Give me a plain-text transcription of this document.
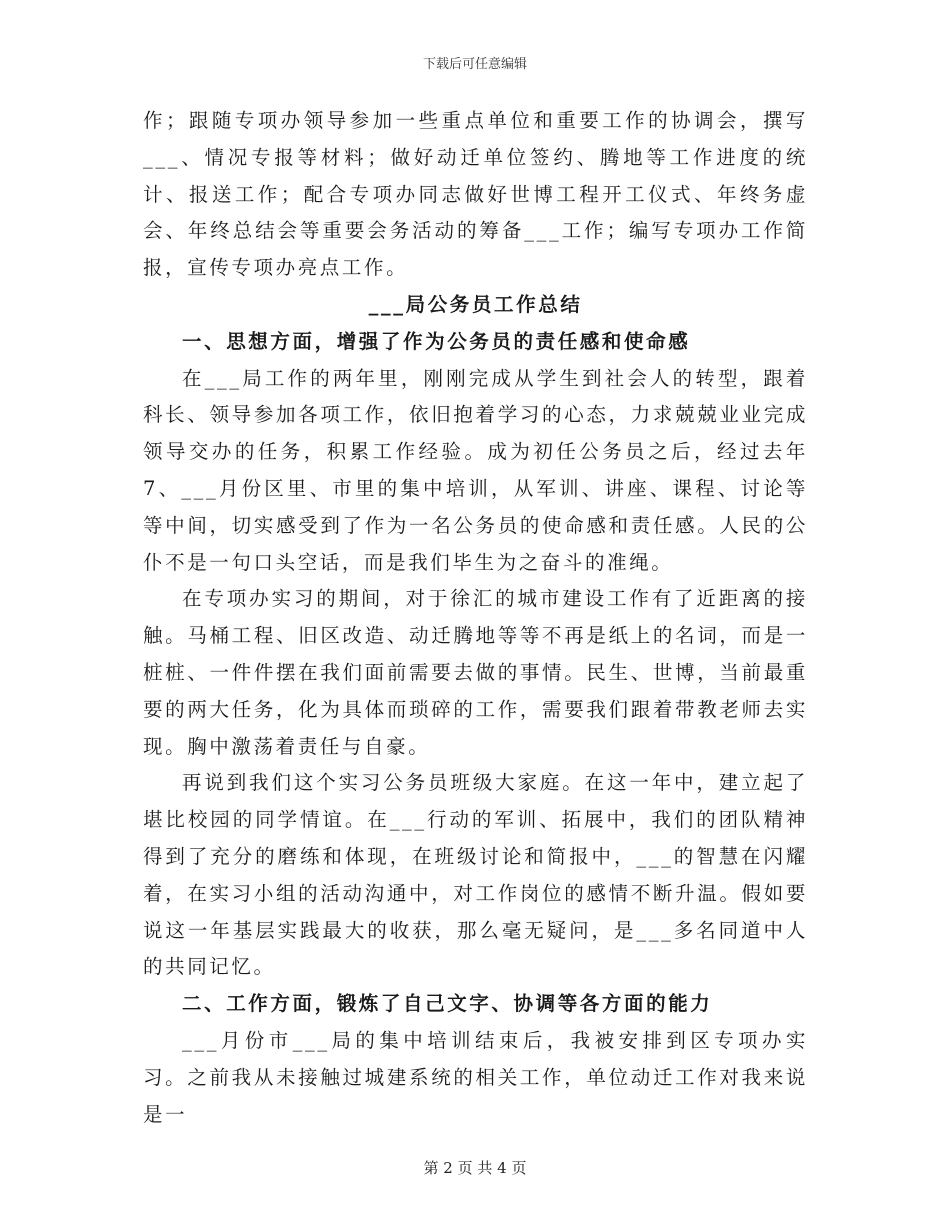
下载后可任意编辑

作；跟随专项办领导参加一些重点单位和重要工作的协调会，撰写___、情况专报等材料；做好动迁单位签约、腾地等工作进度的统计、报送工作；配合专项办同志做好世博工程开工仪式、年终务虚会、年终总结会等重要会务活动的筹备___工作；编写专项办工作简报，宣传专项办亮点工作。

___局公务员工作总结

一、思想方面，增强了作为公务员的责任感和使命感

在___局工作的两年里，刚刚完成从学生到社会人的转型，跟着科长、领导参加各项工作，依旧抱着学习的心态，力求兢兢业业完成领导交办的任务，积累工作经验。成为初任公务员之后，经过去年7、___月份区里、市里的集中培训，从军训、讲座、课程、讨论等等中间，切实感受到了作为一名公务员的使命感和责任感。人民的公仆不是一句口头空话，而是我们毕生为之奋斗的准绳。

在专项办实习的期间，对于徐汇的城市建设工作有了近距离的接触。马桶工程、旧区改造、动迁腾地等等不再是纸上的名词，而是一桩桩、一件件摆在我们面前需要去做的事情。民生、世博，当前最重要的两大任务，化为具体而琐碎的工作，需要我们跟着带教老师去实现。胸中激荡着责任与自豪。

再说到我们这个实习公务员班级大家庭。在这一年中，建立起了堪比校园的同学情谊。在___行动的军训、拓展中，我们的团队精神得到了充分的磨练和体现，在班级讨论和简报中，___的智慧在闪耀着，在实习小组的活动沟通中，对工作岗位的感情不断升温。假如要说这一年基层实践最大的收获，那么毫无疑问，是___多名同道中人的共同记忆。

二、工作方面，锻炼了自己文字、协调等各方面的能力

___月份市___局的集中培训结束后，我被安排到区专项办实习。之前我从未接触过城建系统的相关工作，单位动迁工作对我来说是一

第 2 页 共 4 页
